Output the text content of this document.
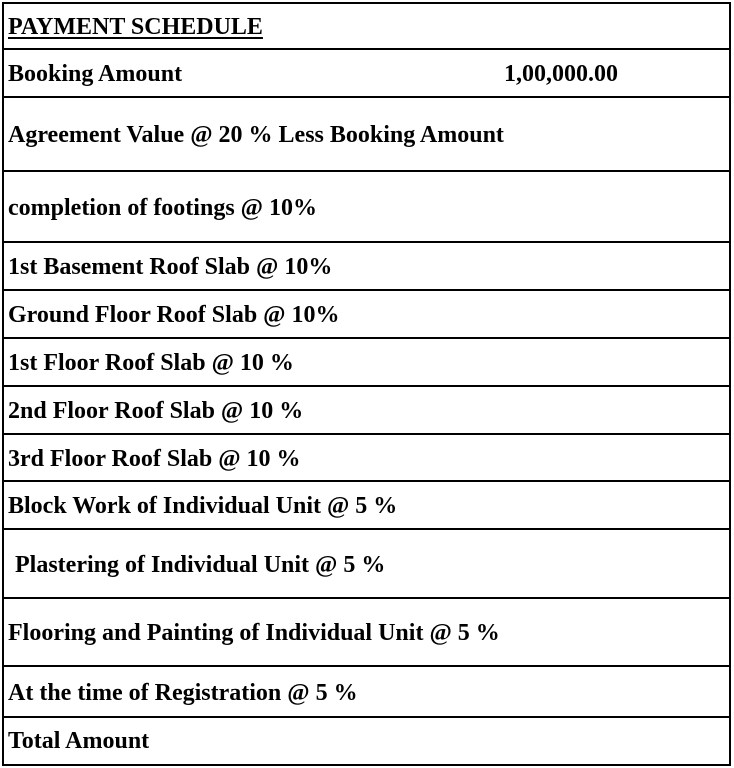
PAYMENT SCHEDULE
Booking Amount	1,00,000.00
Agreement Value @ 20 % Less Booking Amount
completion of footings @ 10%
1st Basement Roof Slab @ 10%
Ground Floor Roof Slab @ 10%
1st Floor Roof Slab @ 10 %
2nd Floor Roof Slab @ 10 %
3rd Floor Roof Slab @ 10 %
Block Work of Individual Unit @ 5 %
Plastering of Individual Unit @ 5 %
Flooring and Painting of Individual Unit @ 5 %
At the time of Registration @ 5 %
Total Amount
